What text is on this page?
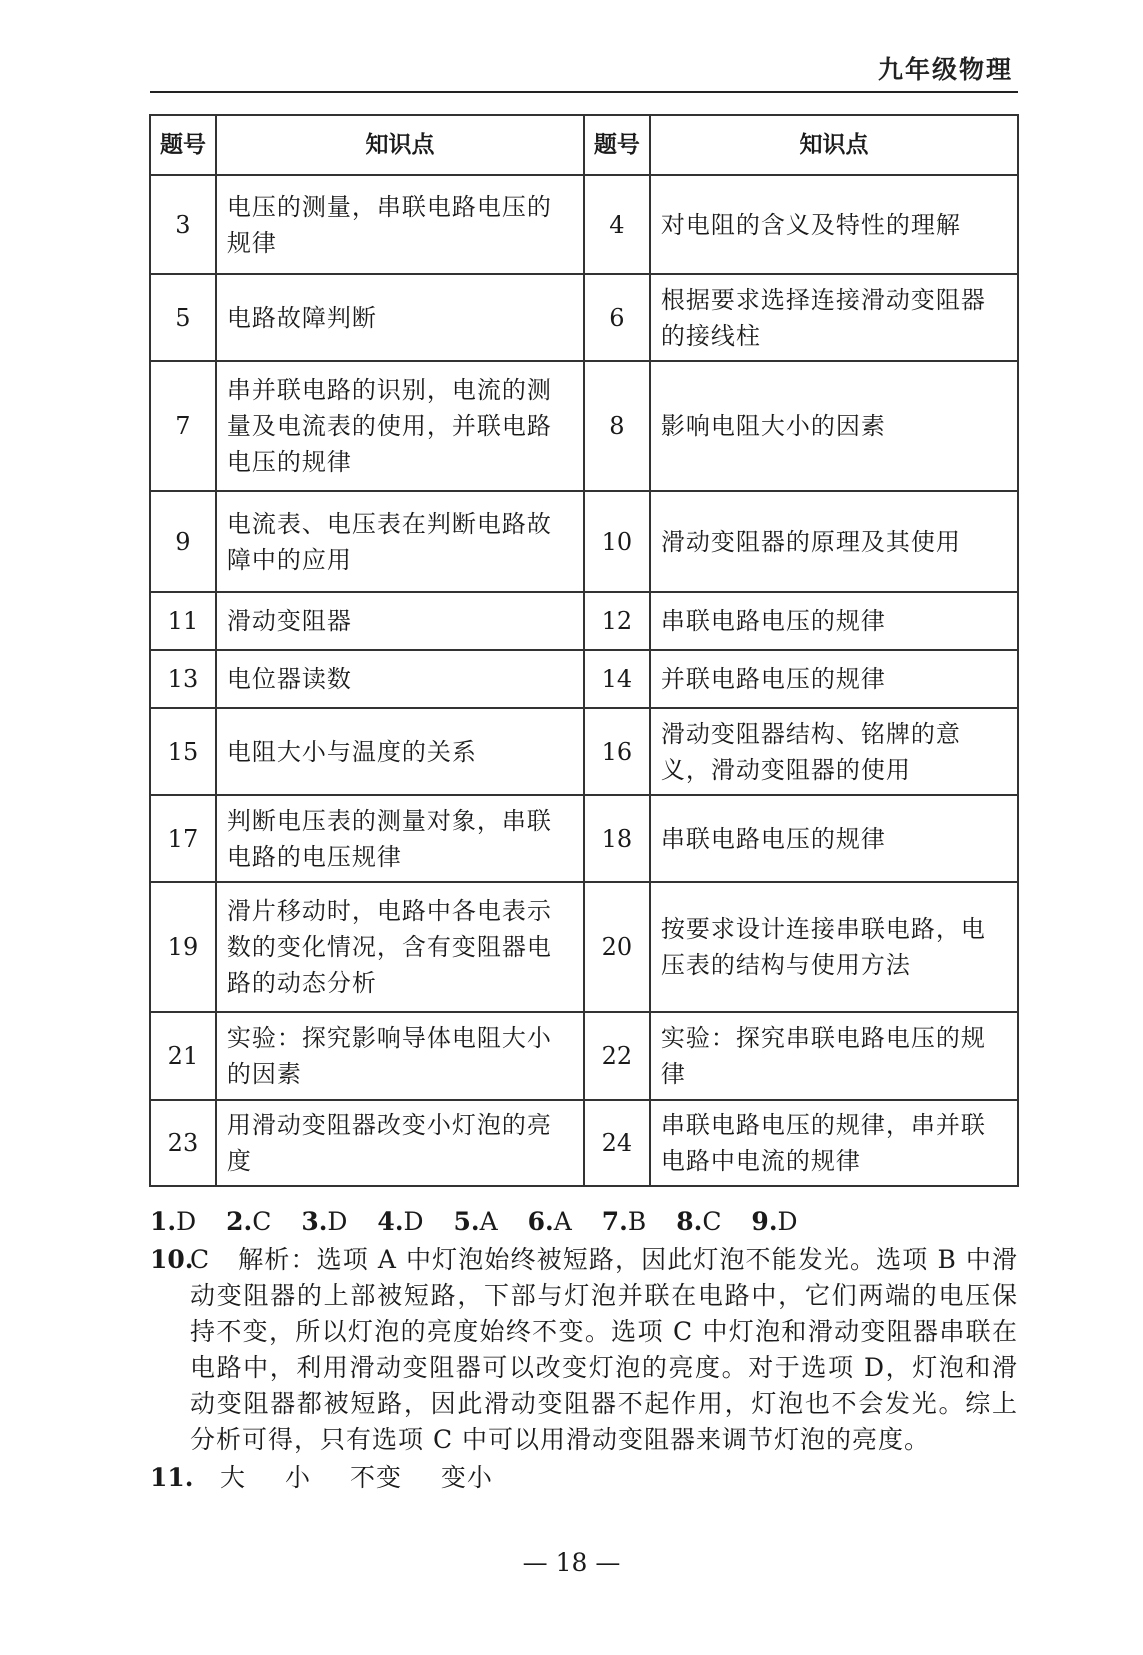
九年级物理
题号	知识点	题号	知识点
3	电压的测量，串联电路电压的规律	4	对电阻的含义及特性的理解
5	电路故障判断	6	根据要求选择连接滑动变阻器的接线柱
7	串并联电路的识别，电流的测量及电流表的使用，并联电路电压的规律	8	影响电阻大小的因素
9	电流表、电压表在判断电路故障中的应用	10	滑动变阻器的原理及其使用
11	滑动变阻器	12	串联电路电压的规律
13	电位器读数	14	并联电路电压的规律
15	电阻大小与温度的关系	16	滑动变阻器结构、铭牌的意义，滑动变阻器的使用
17	判断电压表的测量对象，串联电路的电压规律	18	串联电路电压的规律
19	滑片移动时，电路中各电表示数的变化情况，含有变阻器电路的动态分析	20	按要求设计连接串联电路，电压表的结构与使用方法
21	实验：探究影响导体电阻大小的因素	22	实验：探究串联电路电压的规律
23	用滑动变阻器改变小灯泡的亮度	24	串联电路电压的规律，串并联电路中电流的规律
1.D 2.C 3.D 4.D 5.A 6.A 7.B 8.C 9.D
10.
C 解析：选项 A 中灯泡始终被短路，因此灯泡不能发光。选项 B 中滑动变阻器的上部被短路，下部与灯泡并联在电路中，它们两端的电压保持不变，所以灯泡的亮度始终不变。选项 C 中灯泡和滑动变阻器串联在电路中，利用滑动变阻器可以改变灯泡的亮度。对于选项 D，灯泡和滑动变阻器都被短路，因此滑动变阻器不起作用，灯泡也不会发光。综上分析可得，只有选项 C 中可以用滑动变阻器来调节灯泡的亮度。
11. 大 小 不变 变小
— 18 —
